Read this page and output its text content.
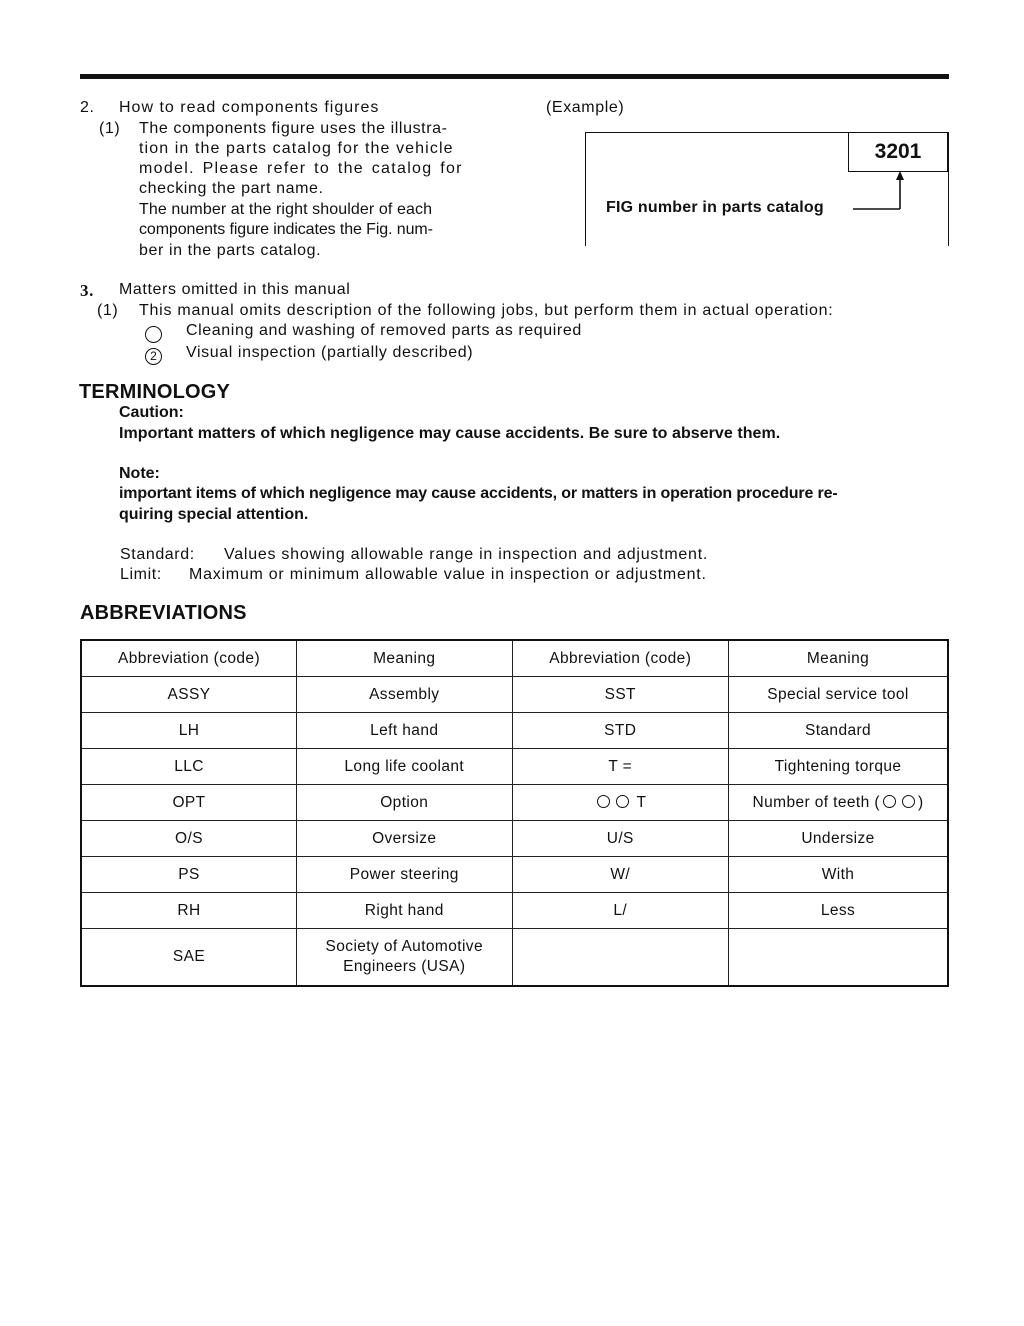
2. How to read components figures
(1) The components figure uses the illustra-
tion in the parts catalog for the vehicle
model. Please refer to the catalog for
checking the part name.
The number at the right shoulder of each
components figure indicates the Fig. num-
ber in the parts catalog.
(Example)
3201
FIG number in parts catalog
3. Matters omitted in this manual
(1) This manual omits description of the following jobs, but perform them in actual operation:
Cleaning and washing of removed parts as required
2	Visual inspection (partially described)
TERMINOLOGY
Caution:
Important matters of which negligence may cause accidents. Be sure to abserve them.
Note:
important items of which negligence may cause accidents, or matters in operation procedure re-
quiring special attention.
Standard: Values showing allowable range in inspection and adjustment.
Limit: Maximum or minimum allowable value in inspection or adjustment.
ABBREVIATIONS
Abbreviation (code)	Meaning	Abbreviation (code)	Meaning
ASSY	Assembly	SST	Special service tool
LH	Left hand	STD	Standard
LLC	Long life coolant	T =	Tightening torque
OPT	Option	T	Number of teeth ( )
O/S	Oversize	U/S	Undersize
PS	Power steering	W/	With
RH	Right hand	L/	Less
SAE	Society of Automotive
Engineers (USA)		
